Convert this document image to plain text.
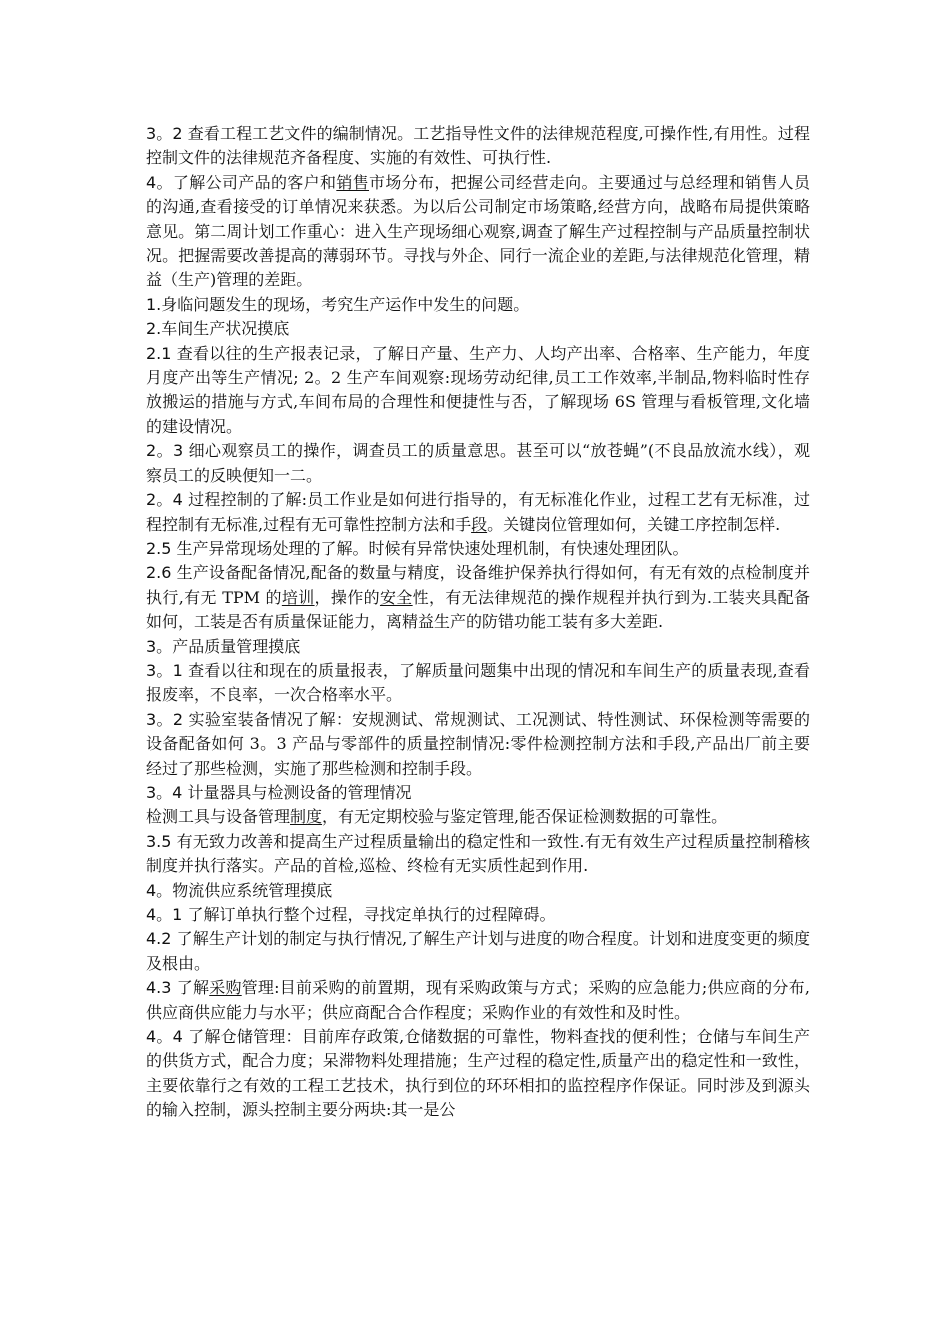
3。2 查看工程工艺文件的编制情况。工艺指导性文件的法律规范程度,可操作性,有用性。过程控制文件的法律规范齐备程度、实施的有效性、可执行性.

4。了解公司产品的客户和销售市场分布，把握公司经营走向。主要通过与总经理和销售人员的沟通,查看接受的订单情况来获悉。为以后公司制定市场策略,经营方向，战略布局提供策略意见。第二周计划工作重心：进入生产现场细心观察,调查了解生产过程控制与产品质量控制状况。把握需要改善提高的薄弱环节。寻找与外企、同行一流企业的差距,与法律规范化管理，精益（生产)管理的差距。

1.身临问题发生的现场，考究生产运作中发生的问题。

2.车间生产状况摸底

2.1 查看以往的生产报表记录，了解日产量、生产力、人均产出率、合格率、生产能力，年度月度产出等生产情况; 2。2 生产车间观察:现场劳动纪律,员工工作效率,半制品,物料临时性存放搬运的措施与方式,车间布局的合理性和便捷性与否，了解现场 6S 管理与看板管理,文化墙的建设情况。

2。3 细心观察员工的操作，调查员工的质量意思。甚至可以“放苍蝇”(不良品放流水线），观察员工的反映便知一二。

2。4 过程控制的了解:员工作业是如何进行指导的，有无标准化作业，过程工艺有无标准，过程控制有无标准,过程有无可靠性控制方法和手段。关键岗位管理如何，关键工序控制怎样.

2.5 生产异常现场处理的了解。时候有异常快速处理机制，有快速处理团队。

2.6 生产设备配备情况,配备的数量与精度，设备维护保养执行得如何，有无有效的点检制度并执行,有无 TPM 的培训，操作的安全性，有无法律规范的操作规程并执行到为.工装夹具配备如何，工装是否有质量保证能力，离精益生产的防错功能工装有多大差距.

3。产品质量管理摸底

3。1 查看以往和现在的质量报表，了解质量问题集中出现的情况和车间生产的质量表现,查看报废率，不良率，一次合格率水平。

3。2 实验室装备情况了解：安规测试、常规测试、工况测试、特性测试、环保检测等需要的设备配备如何 3。3 产品与零部件的质量控制情况:零件检测控制方法和手段,产品出厂前主要经过了那些检测，实施了那些检测和控制手段。

3。4 计量器具与检测设备的管理情况

检测工具与设备管理制度，有无定期校验与鉴定管理,能否保证检测数据的可靠性。

3.5 有无致力改善和提高生产过程质量输出的稳定性和一致性.有无有效生产过程质量控制稽核制度并执行落实。产品的首检,巡检、终检有无实质性起到作用.

4。物流供应系统管理摸底

4。1 了解订单执行整个过程，寻找定单执行的过程障碍。

4.2 了解生产计划的制定与执行情况,了解生产计划与进度的吻合程度。计划和进度变更的频度及根由。

4.3 了解采购管理:目前采购的前置期，现有采购政策与方式；采购的应急能力;供应商的分布,供应商供应能力与水平；供应商配合合作程度；采购作业的有效性和及时性。

4。4 了解仓储管理：目前库存政策,仓储数据的可靠性，物料查找的便利性；仓储与车间生产的供货方式，配合力度；呆滞物料处理措施；生产过程的稳定性,质量产出的稳定性和一致性，主要依靠行之有效的工程工艺技术，执行到位的环环相扣的监控程序作保证。同时涉及到源头的输入控制，源头控制主要分两块:其一是公
